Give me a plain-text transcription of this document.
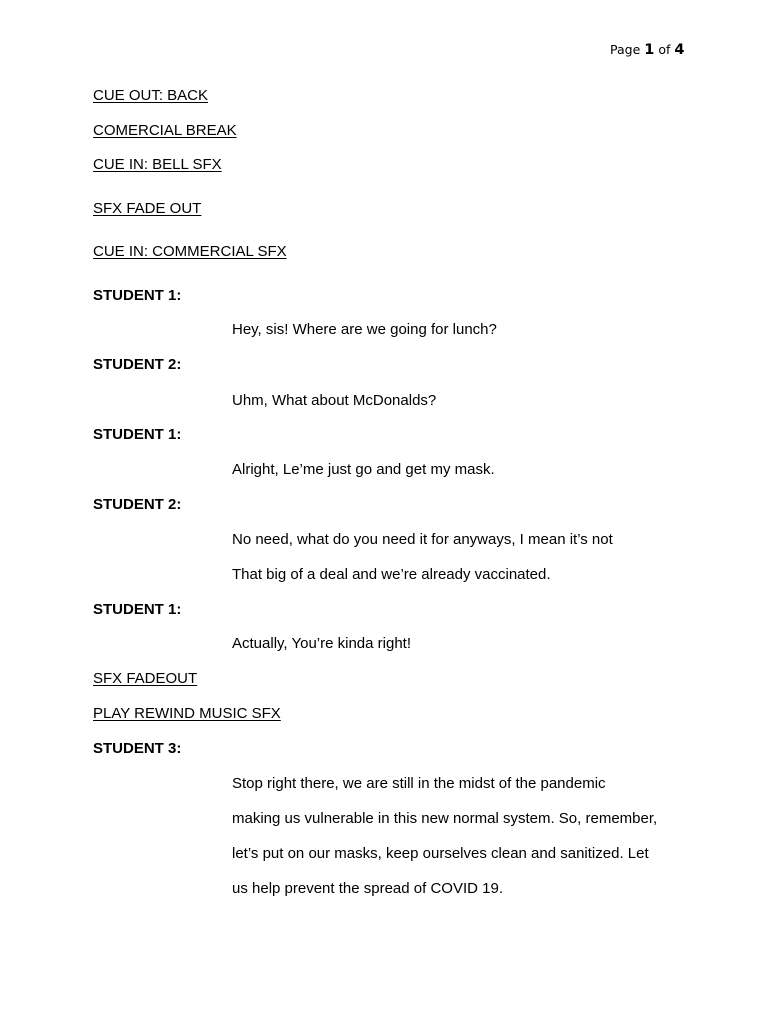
Page 1 of 4
CUE OUT: BACK
COMERCIAL BREAK
CUE IN: BELL SFX
SFX FADE OUT
CUE IN: COMMERCIAL SFX
STUDENT 1:
Hey, sis! Where are we going for lunch?
STUDENT 2:
Uhm, What about McDonalds?
STUDENT 1:
Alright, Le’me just go and get my mask.
STUDENT 2:
No need, what do you need it for anyways, I mean it’s not
That big of a deal and we’re already vaccinated.
STUDENT 1:
Actually, You’re kinda right!
SFX FADEOUT
PLAY REWIND MUSIC SFX
STUDENT 3:
Stop right there, we are still in the midst of the pandemic
making us vulnerable in this new normal system. So, remember,
let’s put on our masks, keep ourselves clean and sanitized. Let
us help prevent the spread of COVID 19.
